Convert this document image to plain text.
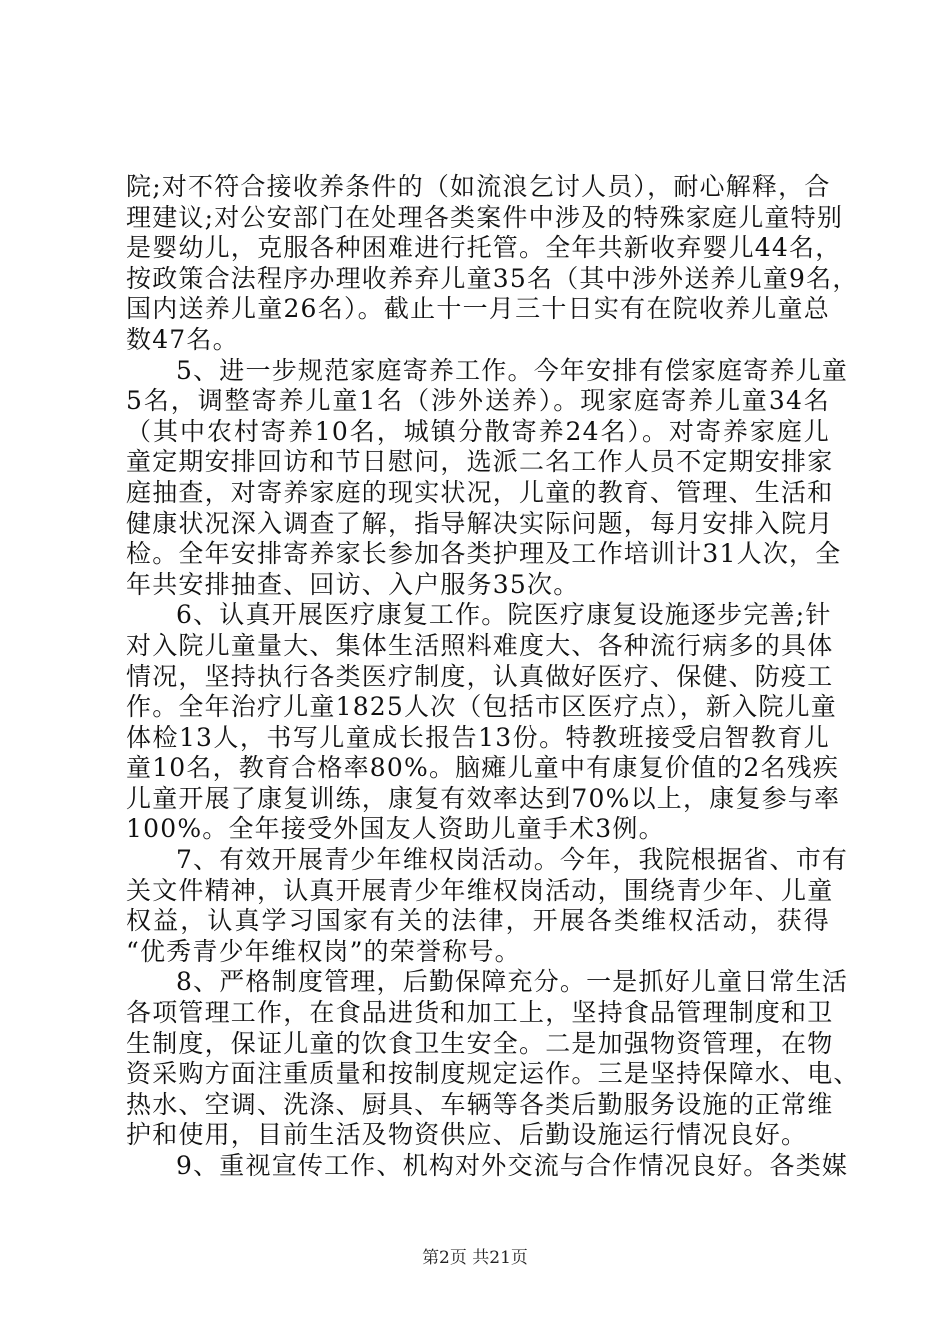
院;对不符合接收养条件的（如流浪乞讨人员），耐心解释，合
理建议;对公安部门在处理各类案件中涉及的特殊家庭儿童特别
是婴幼儿，克服各种困难进行托管。全年共新收弃婴儿44名，
按政策合法程序办理收养弃儿童35名（其中涉外送养儿童9名，
国内送养儿童26名）。截止十一月三十日实有在院收养儿童总
数47名。
5、进一步规范家庭寄养工作。今年安排有偿家庭寄养儿童
5名，调整寄养儿童1名（涉外送养）。现家庭寄养儿童34名
（其中农村寄养10名，城镇分散寄养24名）。对寄养家庭儿
童定期安排回访和节日慰问，选派二名工作人员不定期安排家
庭抽查，对寄养家庭的现实状况，儿童的教育、管理、生活和
健康状况深入调查了解，指导解决实际问题，每月安排入院月
检。全年安排寄养家长参加各类护理及工作培训计31人次，全
年共安排抽查、回访、入户服务35次。
6、认真开展医疗康复工作。院医疗康复设施逐步完善;针
对入院儿童量大、集体生活照料难度大、各种流行病多的具体
情况，坚持执行各类医疗制度，认真做好医疗、保健、防疫工
作。全年治疗儿童1825人次（包括市区医疗点），新入院儿童
体检13人，书写儿童成长报告13份。特教班接受启智教育儿
童10名，教育合格率80%。脑瘫儿童中有康复价值的2名残疾
儿童开展了康复训练，康复有效率达到70%以上，康复参与率
100%。全年接受外国友人资助儿童手术3例。
7、有效开展青少年维权岗活动。今年，我院根据省、市有
关文件精神，认真开展青少年维权岗活动，围绕青少年、儿童
权益，认真学习国家有关的法律，开展各类维权活动，获得
“优秀青少年维权岗”的荣誉称号。
8、严格制度管理，后勤保障充分。一是抓好儿童日常生活
各项管理工作，在食品进货和加工上，坚持食品管理制度和卫
生制度，保证儿童的饮食卫生安全。二是加强物资管理，在物
资采购方面注重质量和按制度规定运作。三是坚持保障水、电、
热水、空调、洗涤、厨具、车辆等各类后勤服务设施的正常维
护和使用，目前生活及物资供应、后勤设施运行情况良好。
9、重视宣传工作、机构对外交流与合作情况良好。各类媒
第2页 共21页
